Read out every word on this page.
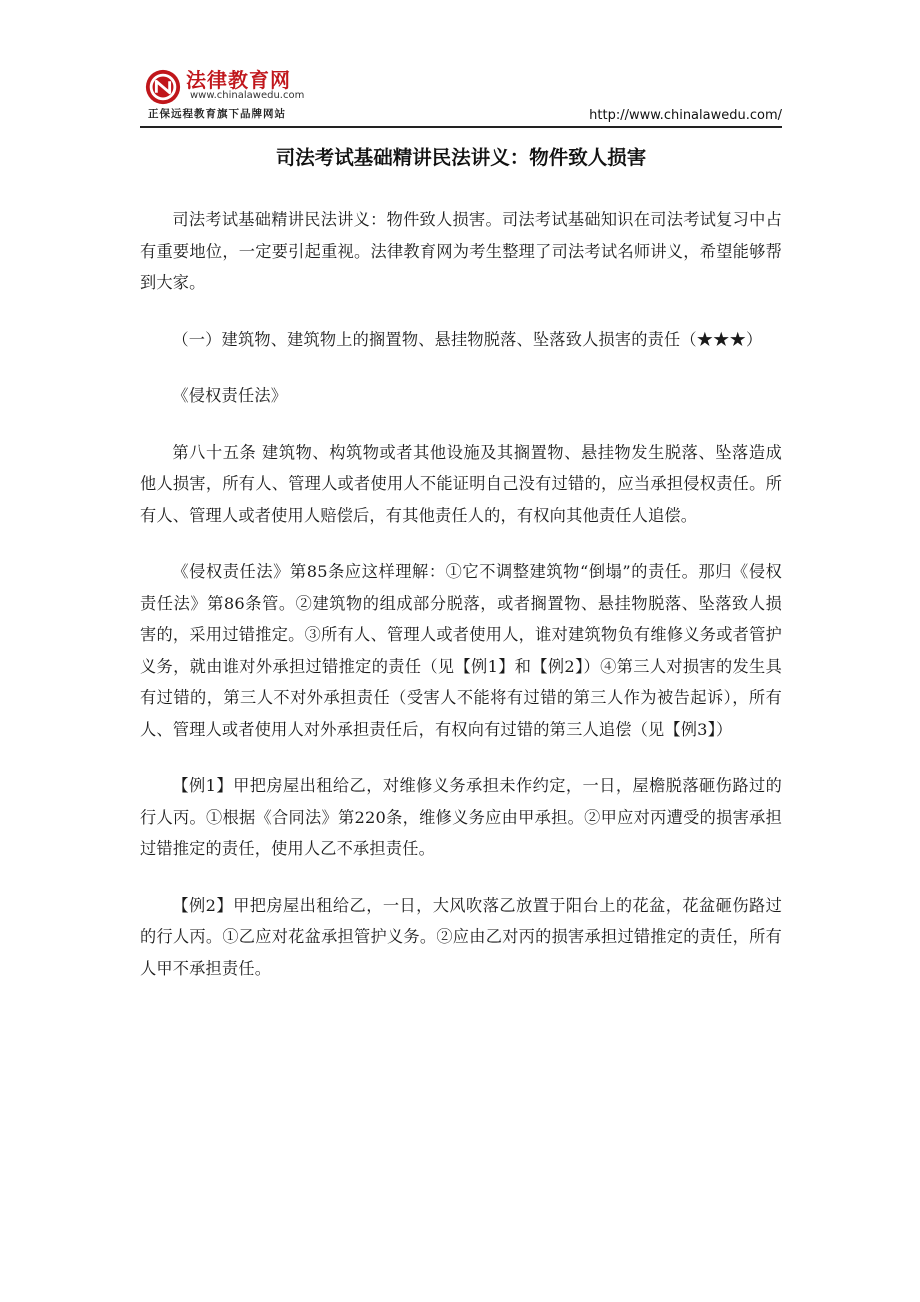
法律教育网
www.chinalawedu.com
正保远程教育旗下品牌网站	http://www.chinalawedu.com/
司法考试基础精讲民法讲义：物件致人损害

司法考试基础精讲民法讲义：物件致人损害。司法考试基础知识在司法考试复习中占有重要地位，一定要引起重视。法律教育网为考生整理了司法考试名师讲义，希望能够帮到大家。

（一）建筑物、建筑物上的搁置物、悬挂物脱落、坠落致人损害的责任（★★★）

《侵权责任法》

第八十五条 建筑物、构筑物或者其他设施及其搁置物、悬挂物发生脱落、坠落造成他人损害，所有人、管理人或者使用人不能证明自己没有过错的，应当承担侵权责任。所有人、管理人或者使用人赔偿后，有其他责任人的，有权向其他责任人追偿。

《侵权责任法》第85条应这样理解：①它不调整建筑物“倒塌”的责任。那归《侵权责任法》第86条管。②建筑物的组成部分脱落，或者搁置物、悬挂物脱落、坠落致人损害的，采用过错推定。③所有人、管理人或者使用人，谁对建筑物负有维修义务或者管护义务，就由谁对外承担过错推定的责任（见【例1】和【例2】）④第三人对损害的发生具有过错的，第三人不对外承担责任（受害人不能将有过错的第三人作为被告起诉），所有人、管理人或者使用人对外承担责任后，有权向有过错的第三人追偿（见【例3】）

【例1】甲把房屋出租给乙，对维修义务承担未作约定，一日，屋檐脱落砸伤路过的行人丙。①根据《合同法》第220条，维修义务应由甲承担。②甲应对丙遭受的损害承担过错推定的责任，使用人乙不承担责任。

【例2】甲把房屋出租给乙，一日，大风吹落乙放置于阳台上的花盆，花盆砸伤路过的行人丙。①乙应对花盆承担管护义务。②应由乙对丙的损害承担过错推定的责任，所有人甲不承担责任。
